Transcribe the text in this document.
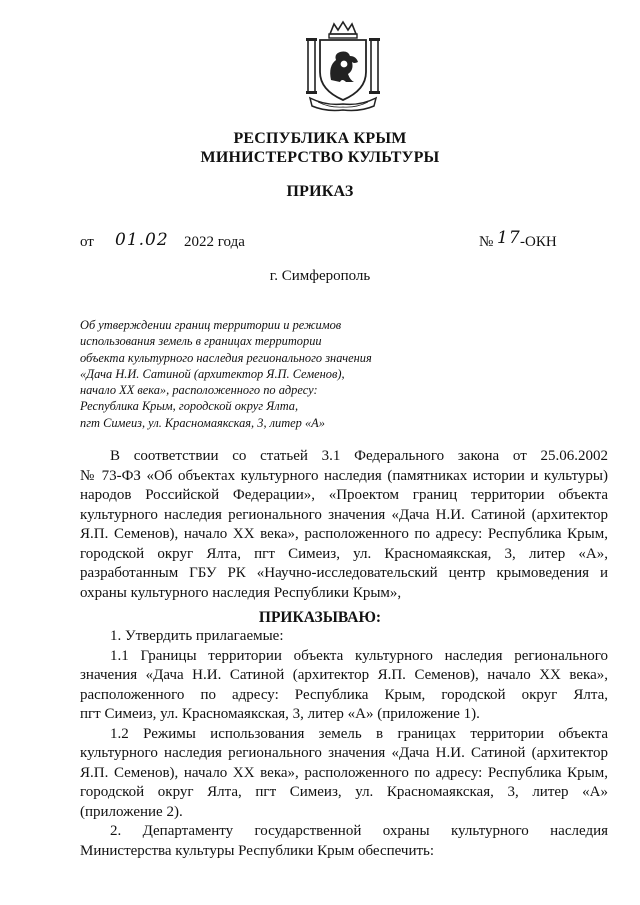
РЕСПУБЛИКА КРЫМ
МИНИСТЕРСТВО КУЛЬТУРЫ
ПРИКАЗ
от 01.02 2022 года	№ 17 -ОКН
г. Симферополь
Об утверждении границ территории и режимов
использования земель в границах территории
объекта культурного наследия регионального значения
«Дача Н.И. Сатиной (архитектор Я.П. Семенов),
начало XX века», расположенного по адресу:
Республика Крым, городской округ Ялта,
пгт Симеиз, ул. Красномаякская, 3, литер «А»
В соответствии со статьей 3.1 Федерального закона от 25.06.2002
№ 73-ФЗ «Об объектах культурного наследия (памятниках истории и культуры)
народов Российской Федерации», «Проектом границ территории объекта
культурного наследия регионального значения «Дача Н.И. Сатиной (архитектор
Я.П. Семенов), начало XX века», расположенного по адресу: Республика Крым,
городской округ Ялта, пгт Симеиз, ул. Красномаякская, 3, литер «А»,
разработанным ГБУ РК «Научно-исследовательский центр крымоведения и
охраны культурного наследия Республики Крым»,
ПРИКАЗЫВАЮ:
1. Утвердить прилагаемые:
1.1 Границы территории объекта культурного наследия регионального
значения «Дача Н.И. Сатиной (архитектор Я.П. Семенов), начало XX века»,
расположенного по адресу: Республика Крым, городской округ Ялта,
пгт Симеиз, ул. Красномаякская, 3, литер «А» (приложение 1).
1.2 Режимы использования земель в границах территории объекта
культурного наследия регионального значения «Дача Н.И. Сатиной (архитектор
Я.П. Семенов), начало XX века», расположенного по адресу: Республика Крым,
городской округ Ялта, пгт Симеиз, ул. Красномаякская, 3, литер «А»
(приложение 2).
2. Департаменту государственной охраны культурного наследия
Министерства культуры Республики Крым обеспечить:
